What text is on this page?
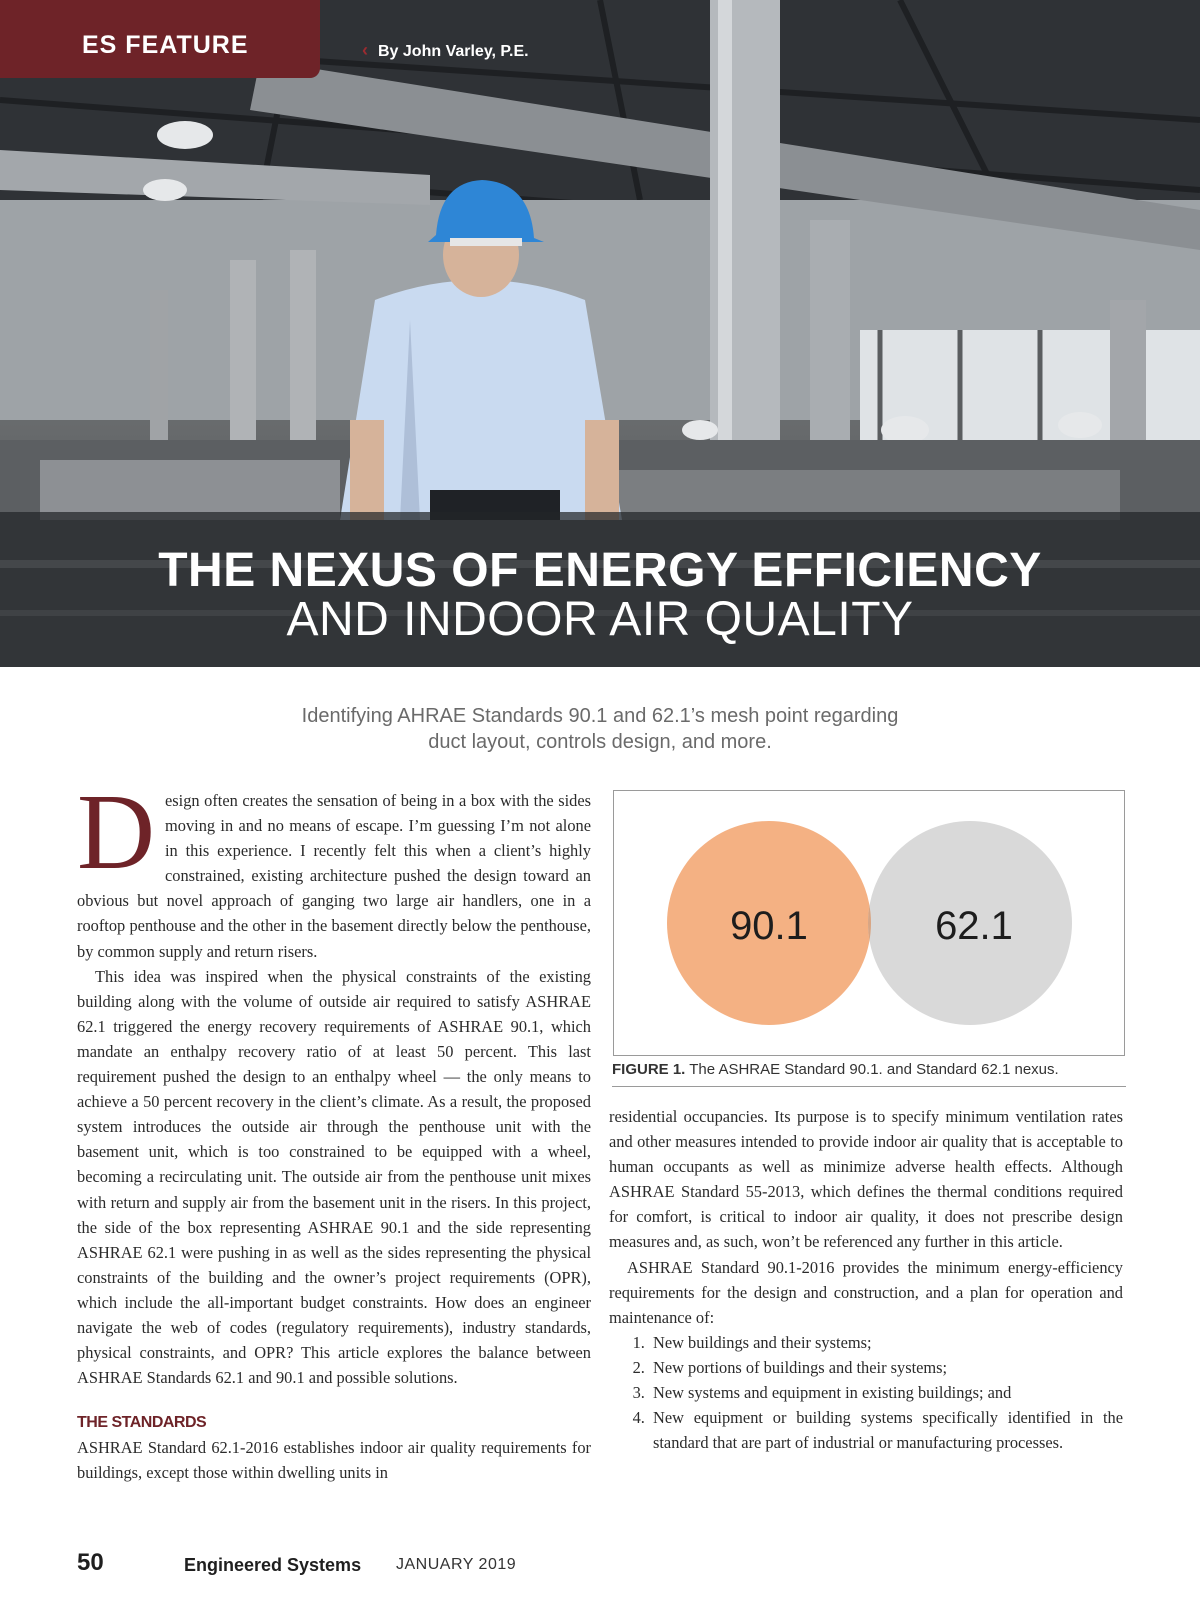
ES FEATURE	‹ By John Varley, P.E.
THE NEXUS OF ENERGY EFFICIENCY
AND INDOOR AIR QUALITY
Identifying AHRAE Standards 90.1 and 62.1’s mesh point regarding
duct layout, controls design, and more.

Design often creates the sensation of being in a box with the sides moving in and no means of escape. I’m guessing I’m not alone in this experience. I recently felt this when a client’s highly constrained, existing architecture pushed the design toward an obvious but novel approach of ganging two large air handlers, one in a rooftop penthouse and the other in the basement directly below the penthouse, by common supply and return risers.

This idea was inspired when the physical constraints of the existing building along with the volume of outside air required to satisfy ASHRAE 62.1 triggered the energy recovery requirements of ASHRAE 90.1, which mandate an enthalpy recovery ratio of at least 50 percent. This last requirement pushed the design to an enthalpy wheel — the only means to achieve a 50 percent recovery in the client’s climate. As a result, the proposed system introduces the outside air through the penthouse unit with the basement unit, which is too constrained to be equipped with a wheel, becoming a recirculating unit. The outside air from the penthouse unit mixes with return and supply air from the basement unit in the risers. In this project, the side of the box representing ASHRAE 90.1 and the side representing ASHRAE 62.1 were pushing in as well as the sides representing the physical constraints of the building and the owner’s project requirements (OPR), which include the all-important budget constraints. How does an engineer navigate the web of codes (regulatory requirements), industry standards, physical constraints, and OPR? This article explores the balance between ASHRAE Standards 62.1 and 90.1 and possible solutions.

THE STANDARDS

ASHRAE Standard 62.1-2016 establishes indoor air quality requirements for buildings, except those within dwelling units in

90.1	62.1
FIGURE 1. The ASHRAE Standard 90.1. and Standard 62.1 nexus.

residential occupancies. Its purpose is to specify minimum ventilation rates and other measures intended to provide indoor air quality that is acceptable to human occupants as well as minimize adverse health effects. Although ASHRAE Standard 55-2013, which defines the thermal conditions required for comfort, is critical to indoor air quality, it does not prescribe design measures and, as such, won’t be referenced any further in this article.

ASHRAE Standard 90.1-2016 provides the minimum energy-efficiency requirements for the design and construction, and a plan for operation and maintenance of:

1. New buildings and their systems;
2. New portions of buildings and their systems;
3. New systems and equipment in existing buildings; and
4. New equipment or building systems specifically identified in the standard that are part of industrial or manufacturing processes.
50	Engineered Systems JANUARY 2019
